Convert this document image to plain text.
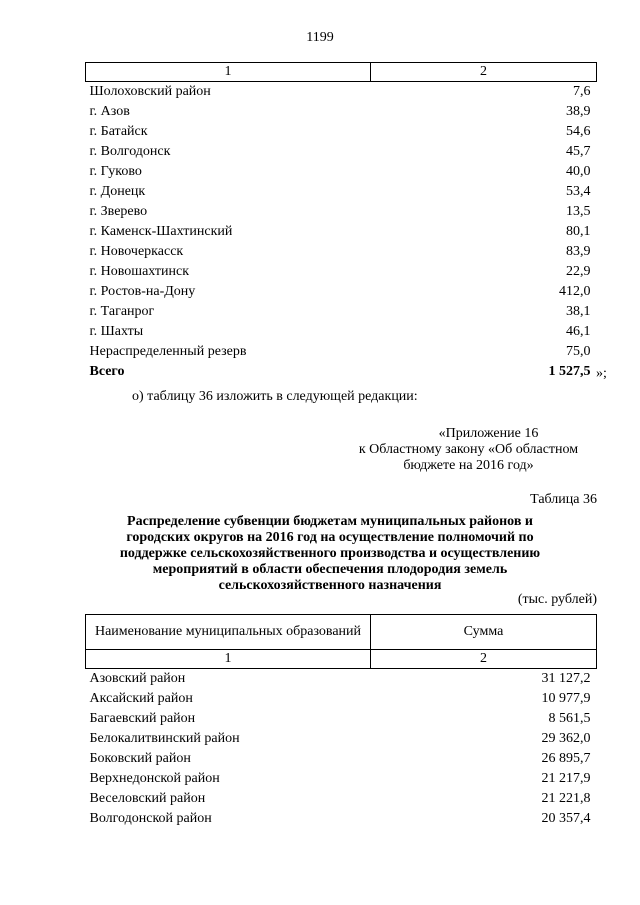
1199
1	2
Шолоховский район	7,6
г. Азов	38,9
г. Батайск	54,6
г. Волгодонск	45,7
г. Гуково	40,0
г. Донецк	53,4
г. Зверево	13,5
г. Каменск-Шахтинский	80,1
г. Новочеркасск	83,9
г. Новошахтинск	22,9
г. Ростов-на-Дону	412,0
г. Таганрог	38,1
г. Шахты	46,1
Нераспределенный резерв	75,0
Всего	1 527,5 »;
о) таблицу 36 изложить в следующей редакции:
«Приложение 16
к Областному закону «Об областном
бюджете на 2016 год»
Таблица 36
Распределение субвенции бюджетам муниципальных районов и
городских округов на 2016 год на осуществление полномочий по
поддержке сельскохозяйственного производства и осуществлению
мероприятий в области обеспечения плодородия земель
сельскохозяйственного назначения
(тыс. рублей)
Наименование муниципальных образований	Сумма
1	2
Азовский район	31 127,2
Аксайский район	10 977,9
Багаевский район	8 561,5
Белокалитвинский район	29 362,0
Боковский район	26 895,7
Верхнедонской район	21 217,9
Веселовский район	21 221,8
Волгодонской район	20 357,4
